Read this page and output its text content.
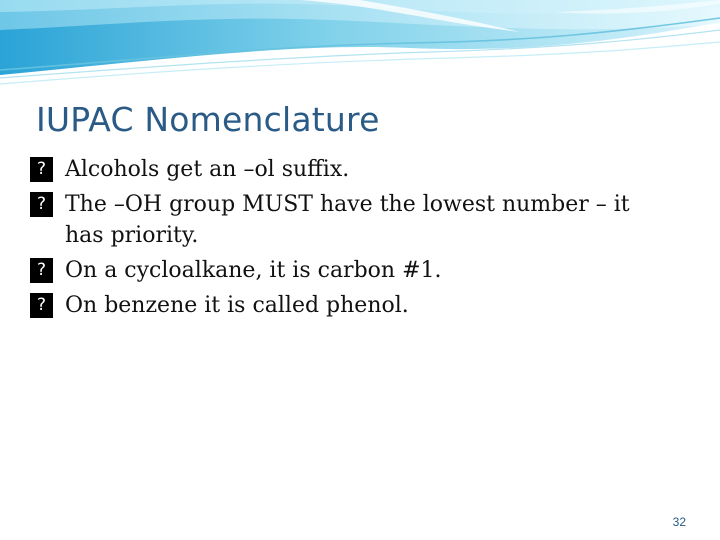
IUPAC Nomenclature
? Alcohols get an –ol suffix.
? The –OH group MUST have the lowest number – it has priority.
? On a cycloalkane, it is carbon #1.
? On benzene it is called phenol.
32
